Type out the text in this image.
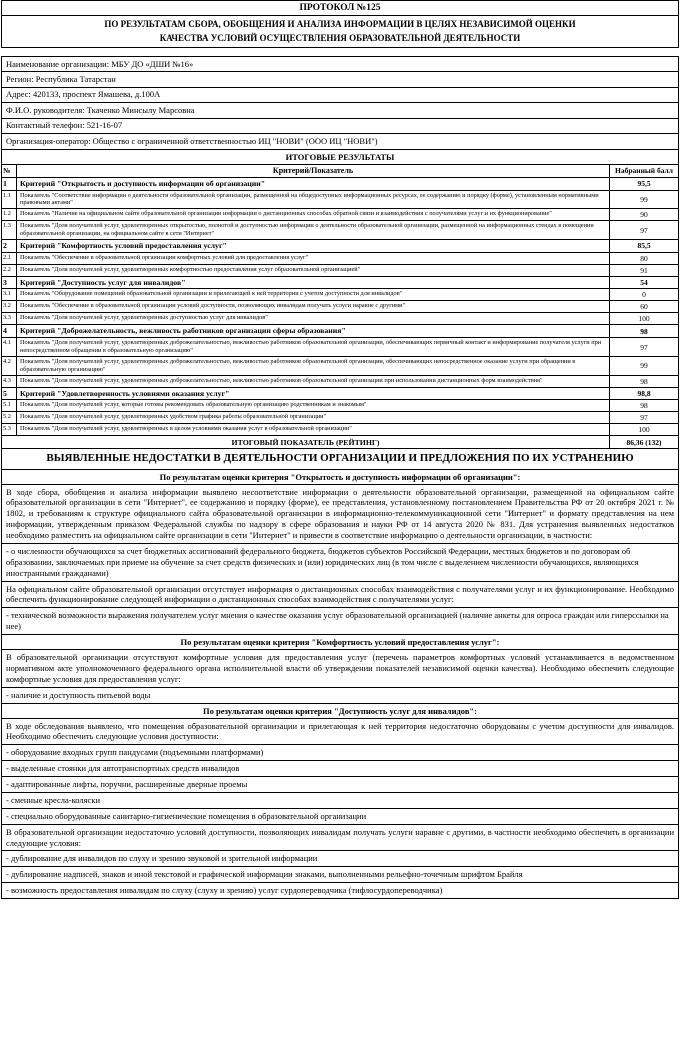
ПРОТОКОЛ №125
ПО РЕЗУЛЬТАТАМ СБОРА, ОБОБЩЕНИЯ И АНАЛИЗА ИНФОРМАЦИИ В ЦЕЛЯХ НЕЗАВИСИМОЙ ОЦЕНКИ
КАЧЕСТВА УСЛОВИЙ ОСУЩЕСТВЛЕНИЯ ОБРАЗОВАТЕЛЬНОЙ ДЕЯТЕЛЬНОСТИ
Наименование организации: МБУ ДО «ДШИ №16»
Регион: Республика Татарстан
Адрес: 420133, проспект Ямашева, д.100А
Ф.И.О. руководителя: Ткаченко Минсылу Марсовна
Контактный телефон: 521-16-07
Организация-оператор: Общество с ограниченной ответственностью ИЦ "НОВИ" (ООО ИЦ "НОВИ")
ИТОГОВЫЕ РЕЗУЛЬТАТЫ
№	Критерий/Показатель	Набранный балл
1	Критерий "Открытость и доступность информации об организации"	95,5
1.1	Показатель "Соответствие информации о деятельности образовательной организации, размещенной на общедоступных информационных ресурсах, ее содержанию и порядку (форме), установленным нормативными правовыми актами"	99
1.2	Показатель "Наличие на официальном сайте образовательной организации информации о дистанционных способах обратной связи и взаимодействия с получателями услуг и их функционирование"	90
1.3	Показатель "Доля получателей услуг, удовлетворенных открытостью, полнотой и доступностью информации о деятельности образовательной организации, размещенной на информационных стендах в помещении образовательной организации, на официальном сайте в сети "Интернет"	97
2	Критерий "Комфортность условий предоставления услуг"	85,5
2.1	Показатель "Обеспечение в образовательной организации комфортных условий для предоставления услуг"	80
2.2	Показатель "Доля получателей услуг, удовлетворенных комфортностью предоставления услуг образовательной организацией"	91
3	Критерий "Доступность услуг для инвалидов"	54
3.1	Показатель "Оборудование помещений образовательной организации и прилегающей к ней территории с учетом доступности для инвалидов"	0
3.2	Показатель "Обеспечение в образовательной организации условий доступности, позволяющих инвалидам получать услуги наравне с другими"	60
3.3	Показатель "Доля получателей услуг, удовлетворенных доступностью услуг для инвалидов"	100
4	Критерий "Доброжелательность, вежливость работников организации сферы образования"	98
4.1	Показатель "Доля получателей услуг, удовлетворенных доброжелательностью, вежливостью работников образовательной организации, обеспечивающих первичный контакт и информирование получателя услуги при непосредственном обращении в образовательную организацию"	97
4.2	Показатель "Доля получателей услуг, удовлетворенных доброжелательностью, вежливостью работников образовательной организации, обеспечивающих непосредственное оказание услуги при обращении в образовательную организацию"	99
4.3	Показатель "Доля получателей услуг, удовлетворенных доброжелательностью, вежливостью работников образовательной организации при использовании дистанционных форм взаимодействия"	98
5	Критерий "Удовлетворенность условиями оказания услуг"	98,8
5.1	Показатель "Доля получателей услуг, которые готовы рекомендовать образовательную организацию родственникам и знакомым"	98
5.2	Показатель "Доля получателей услуг, удовлетворенных удобством графика работы образовательной организации"	97
5.3	Показатель "Доля получателей услуг, удовлетворенных в целом условиями оказания услуг в образовательной организации"	100
ИТОГОВЫЙ ПОКАЗАТЕЛЬ (РЕЙТИНГ)	86,36 (132)
ВЫЯВЛЕННЫЕ НЕДОСТАТКИ В ДЕЯТЕЛЬНОСТИ ОРГАНИЗАЦИИ И ПРЕДЛОЖЕНИЯ ПО ИХ УСТРАНЕНИЮ
По результатам оценки критерия "Открытость и доступность информации об организации":
В ходе сбора, обобщения и анализа информации выявлено несоответствие информации о деятельности образовательной организации, размещенной на официальном сайте образовательной организации в сети "Интернет", ее содержанию и порядку (форме), ее представления, установленному постановлением Правительства РФ от 20 октября 2021 г. № 1802, и требованиям к структуре официального сайта образовательной организации в информационно-телекоммуникационной сети "Интернет" и формату представления на нем информации, утвержденным приказом Федеральной службы по надзору в сфере образования и науки РФ от 14 августа 2020 № 831. Для устранения выявленных недостатков необходимо разместить на официальном сайте организации в сети "Интернет" и привести в соответствие информацию о деятельности организации, в частности:
- о численности обучающихся за счет бюджетных ассигнований федерального бюджета, бюджетов субъектов Российской Федерации, местных бюджетов и по договорам об образовании, заключаемых при приеме на обучение за счет средств физических и (или) юридических лиц (в том числе с выделением численности обучающихся, являющихся иностранными гражданами)
На официальном сайте образовательной организации отсутствует информация о дистанционных способах взаимодействия с получателями услуг и их функционирование. Необходимо обеспечить функционирование следующей информации о дистанционных способах взаимодействия с получателями услуг:
- технической возможности выражения получателем услуг мнения о качестве оказания услуг образовательной организацией (наличие анкеты для опроса граждан или гиперссылки на нее)
По результатам оценки критерия "Комфортность условий предоставления услуг":
В образовательной организации отсутствуют комфортные условия для предоставления услуг (перечень параметров комфортных условий устанавливается в ведомственном нормативном акте уполномоченного федерального органа исполнительной власти об утверждении показателей независимой оценки качества). Необходимо обеспечить следующие комфортные условия для предоставления услуг:
- наличие и доступность питьевой воды
По результатам оценки критерия "Доступность услуг для инвалидов":
В ходе обследования выявлено, что помещения образовательной организации и прилегающая к ней территория недостаточно оборудованы с учетом доступности для инвалидов. Необходимо обеспечить следующие условия доступности:
- оборудование входных групп пандусами (подъемными платформами)
- выделенные стоянки для автотранспортных средств инвалидов
- адаптированные лифты, поручни, расширенные дверные проемы
- сменные кресла-коляски
- специально оборудованные санитарно-гигиенические помещения в образовательной организации
В образовательной организации недостаточно условий доступности, позволяющих инвалидам получать услуги наравне с другими, в частности необходимо обеспечить в организации следующие условия:
- дублирование для инвалидов по слуху и зрению звуковой и зрительной информации
- дублирование надписей, знаков и иной текстовой и графической информации знаками, выполненными рельефно-точечным шрифтом Брайля
- возможность предоставления инвалидам по слуху (слуху и зрению) услуг сурдопереводчика (тифлосурдопереводчика)
